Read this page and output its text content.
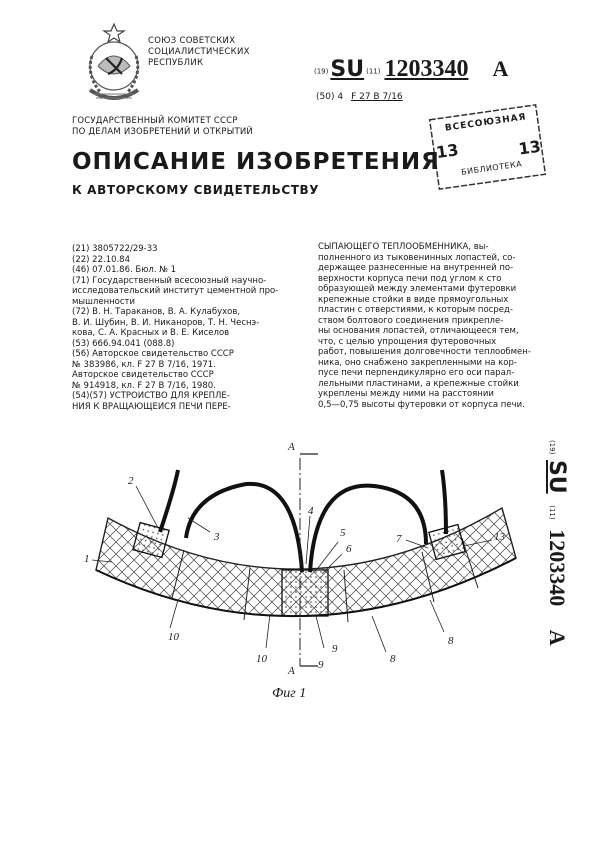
СОЮЗ СОВЕТСКИХ
СОЦИАЛИСТИЧЕСКИХ
РЕСПУБЛИК
(19)SU (11) 1203340 A
(50) 4 F 27 B 7/16
ВСЕСОЮЗНАЯ
13	13
БИБЛИОТЕКА
ГОСУДАРСТВЕННЫЙ КОМИТЕТ СССР
ПО ДЕЛАМ ИЗОБРЕТЕНИЙ И ОТКРЫТИЙ
ОПИСАНИЕ ИЗОБРЕТЕНИЯ
К АВТОРСКОМУ СВИДЕТЕЛЬСТВУ
(21) 3805722/29-33
(22) 22.10.84
(46) 07.01.86. Бюл. № 1
(71) Государственный всесоюзный научно-
исследовательский институт цементной про-
мышленности
(72) В. Н. Тараканов, В. А. Кулабухов,
В. И. Шубин, В. И. Никаноров, Т. Н. Чеснэ-
кова, С. А. Красных и В. Е. Киселов
(53) 666.94.041 (088.8)
(56) Авторское свидетельство СССР
№ 383986, кл. F 27 B 7/16, 1971.
Авторское свидетельство СССР
№ 914918, кл. F 27 B 7/16, 1980.
(54)(57) УСТРОЙСТВО ДЛЯ КРЕПЛЕ-
НИЯ К ВРАЩАЮЩЕЙСЯ ПЕЧИ ПЕРЕ-
СЫПАЮЩЕГО ТЕПЛООБМЕННИКА, вы-
полненного из тыковенинных лопастей, со-
держащее разнесенные на внутренней по-
верхности корпуса печи под углом к сто
образующей между элементами футеровки
крепежные стойки в виде прямоугольных
пластин с отверстиями, к которым посред-
ством болтового соединения прикрепле-
ны основания лопастей, отличающееся тем,
что, с целью упрощения футеровочных
работ, повышения долговечности теплообмен-
ника, оно снабжено закрепленными на кор-
пусе печи перпендикулярно его оси парал-
лельными пластинами, а крепежные стойки
укреплены между ними на расстоянии
0,5—0,75 высоты футеровки от корпуса печи.
(19) SU (11) 1203340 A
А
А
1
2
3
4
5
6
7	13
10
10
9
9	8
8
Фиг 1
